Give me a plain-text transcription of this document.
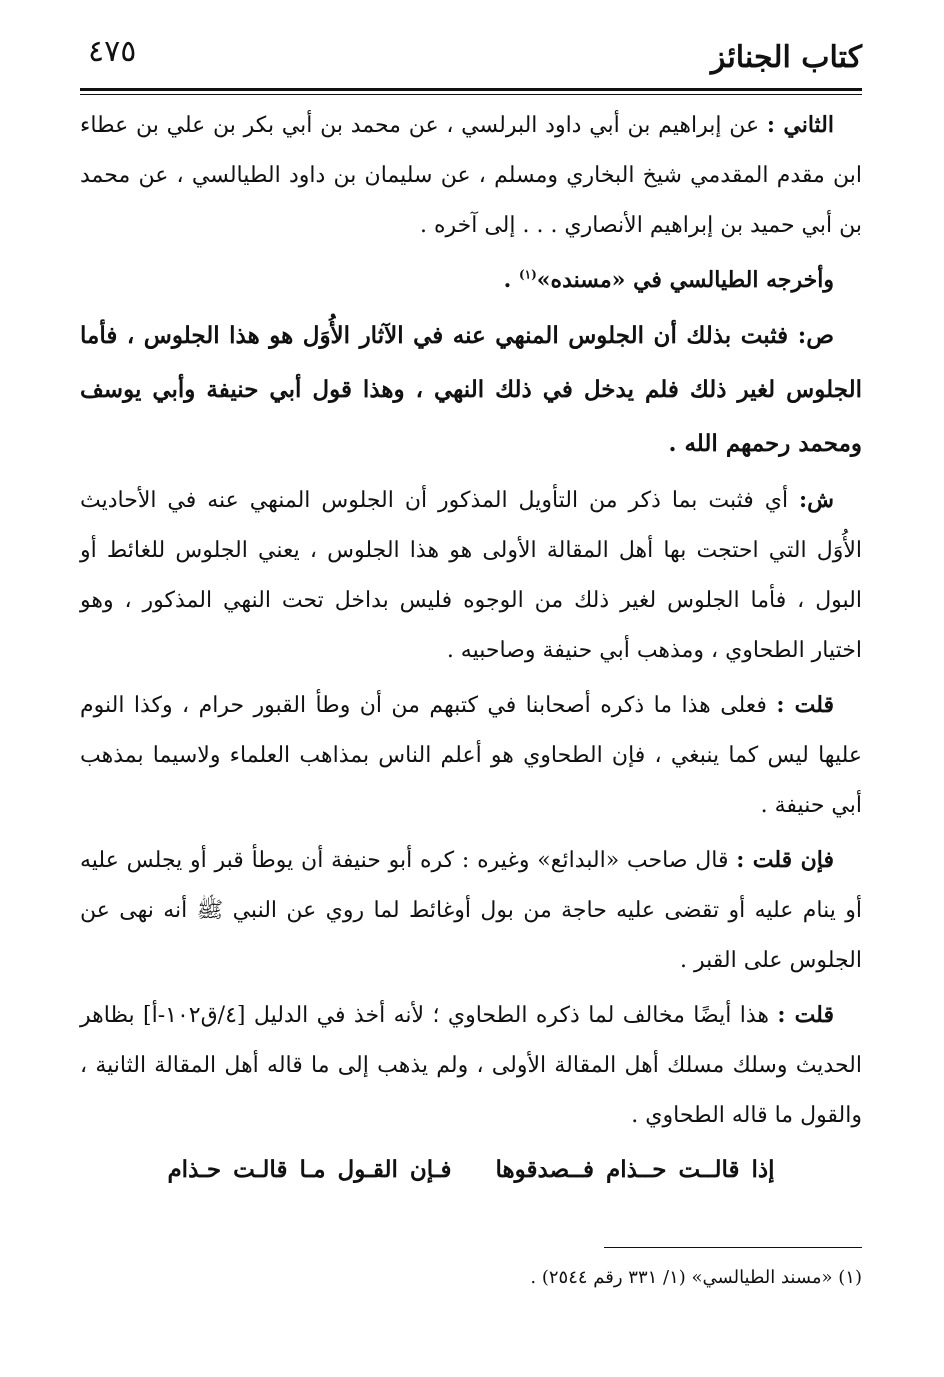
كتاب الجنائز
٤٧٥

الثاني : عن إبراهيم بن أبي داود البرلسي ، عن محمد بن أبي بكر بن علي بن عطاء ابن مقدم المقدمي شيخ البخاري ومسلم ، عن سليمان بن داود الطيالسي ، عن محمد بن أبي حميد بن إبراهيم الأنصاري . . . إلى آخره .

وأخرجه الطيالسي في «مسنده»$^{(١)}$ .

ص: فثبت بذلك أن الجلوس المنهي عنه في الآثار الأُوَل هو هذا الجلوس ، فأما الجلوس لغير ذلك فلم يدخل في ذلك النهي ، وهذا قول أبي حنيفة وأبي يوسف ومحمد رحمهم الله .

ش: أي فثبت بما ذكر من التأويل المذكور أن الجلوس المنهي عنه في الأحاديث الأُوَل التي احتجت بها أهل المقالة الأولى هو هذا الجلوس ، يعني الجلوس للغائط أو البول ، فأما الجلوس لغير ذلك من الوجوه فليس بداخل تحت النهي المذكور ، وهو اختيار الطحاوي ، ومذهب أبي حنيفة وصاحبيه .

قلت : فعلى هذا ما ذكره أصحابنا في كتبهم من أن وطأ القبور حرام ، وكذا النوم عليها ليس كما ينبغي ، فإن الطحاوي هو أعلم الناس بمذاهب العلماء ولاسيما بمذهب أبي حنيفة .

فإن قلت : قال صاحب «البدائع» وغيره : كره أبو حنيفة أن يوطأ قبر أو يجلس عليه أو ينام عليه أو تقضى عليه حاجة من بول أوغائط لما روي عن النبي ﷺ أنه نهى عن الجلوس على القبر .

قلت : هذا أيضًا مخالف لما ذكره الطحاوي ؛ لأنه أخذ في الدليل [٤/ق١٠٢-أ] بظاهر الحديث وسلك مسلك أهل المقالة الأولى ، ولم يذهب إلى ما قاله أهل المقالة الثانية ، والقول ما قاله الطحاوي .

إذا قالــت حــذام فــصدقوهافـإن القـول مـا قالـت حـذام

(١) «مسند الطيالسي» (١/ ٣٣١ رقم ٢٥٤٤) .
